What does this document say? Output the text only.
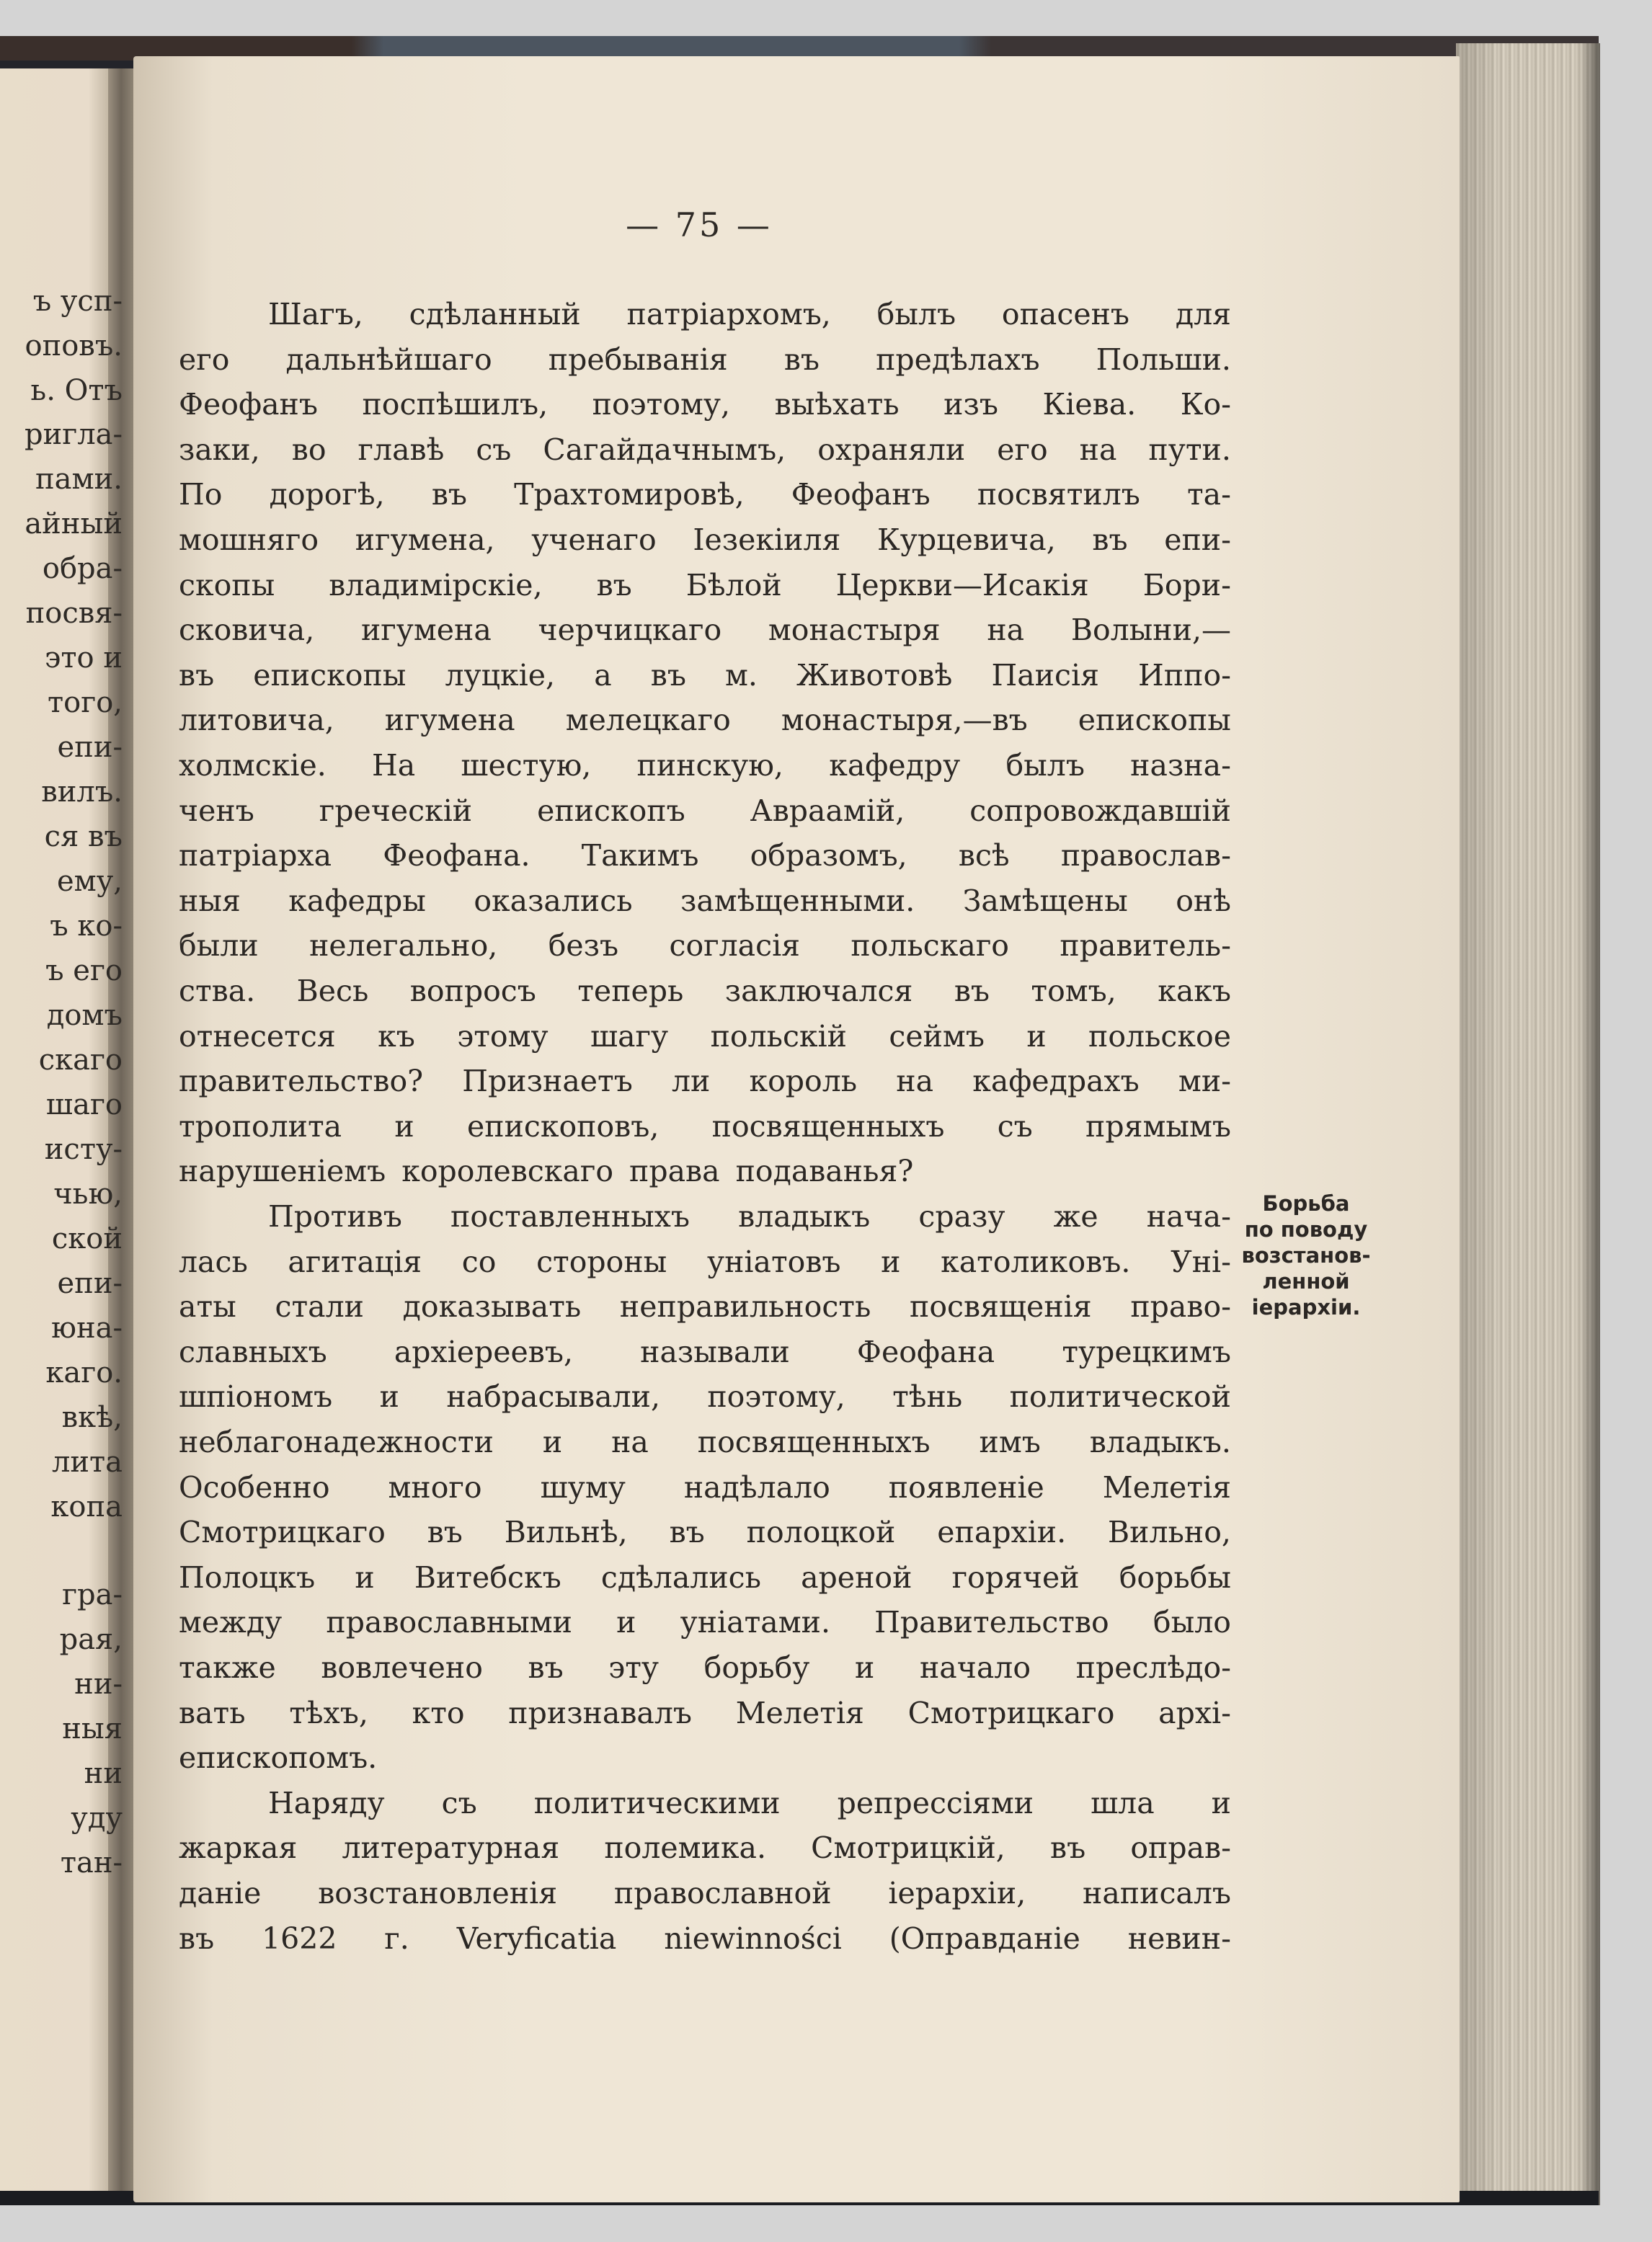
ъ усп-
оповъ.
ь. Отъ
ригла-
пами.
айный
обра-
посвя-
это и
того,
епи-
вилъ.
ся въ
ему,
ъ ко-
ъ его
домъ
скаго
шаго
исту-
чью,
ской
епи-
юна-
каго.
вкѣ,
лита
копа
гра-
рая,
ни-
ныя
ни
уду
тан-
— 75 —
Шагъ, сдѣланный патрiархомъ, былъ опасенъ для
его дальнѣйшаго пребыванiя въ предѣлахъ Польши.
Феофанъ поспѣшилъ, поэтому, выѣхать изъ Кiева. Ко-
заки, во главѣ съ Сагайдачнымъ, охраняли его на пути.
По дорогѣ, въ Трахтомировѣ, Феофанъ посвятилъ та-
мошняго игумена, ученаго Iезекiиля Курцевича, въ епи-
скопы владимiрскiе, въ Бѣлой Церкви—Исакiя Бори-
сковича, игумена черчицкаго монастыря на Волыни,—
въ епископы луцкiе, а въ м. Животовѣ Паисiя Иппо-
литовича, игумена мелецкаго монастыря,—въ епископы
холмскiе. На шестую, пинскую, кафедру былъ назна-
ченъ греческiй епископъ Авраамiй, сопровождавшiй
патрiарха Феофана. Такимъ образомъ, всѣ православ-
ныя кафедры оказались замѣщенными. Замѣщены онѣ
были нелегально, безъ согласiя польскаго правитель-
ства. Весь вопросъ теперь заключался въ томъ, какъ
отнесется къ этому шагу польскiй сеймъ и польское
правительство? Признаетъ ли король на кафедрахъ ми-
трополита и епископовъ, посвященныхъ съ прямымъ
нарушенiемъ королевскаго права подаванья?
Противъ поставленныхъ владыкъ сразу же нача-
лась агитацiя со стороны унiатовъ и католиковъ. Унi-
аты стали доказывать неправильность посвященiя право-
славныхъ архiереевъ, называли Феофана турецкимъ
шпiономъ и набрасывали, поэтому, тѣнь политической
неблагонадежности и на посвященныхъ имъ владыкъ.
Особенно много шуму надѣлало появленiе Мелетiя
Смотрицкаго въ Вильнѣ, въ полоцкой епархiи. Вильно,
Полоцкъ и Витебскъ сдѣлались ареной горячей борьбы
между православными и унiатами. Правительство было
также вовлечено въ эту борьбу и начало преслѣдо-
вать тѣхъ, кто признавалъ Мелетiя Смотрицкаго архi-
епископомъ.
Наряду съ политическими репрессiями шла и
жаркая литературная полемика. Смотрицкiй, въ оправ-
данiе возстановленiя православной iерархiи, написалъ
въ 1622 г. Veryficatia niewinności (Оправданiе невин-
Борьба
по поводу
возстанов-
ленной
iерархiи.
